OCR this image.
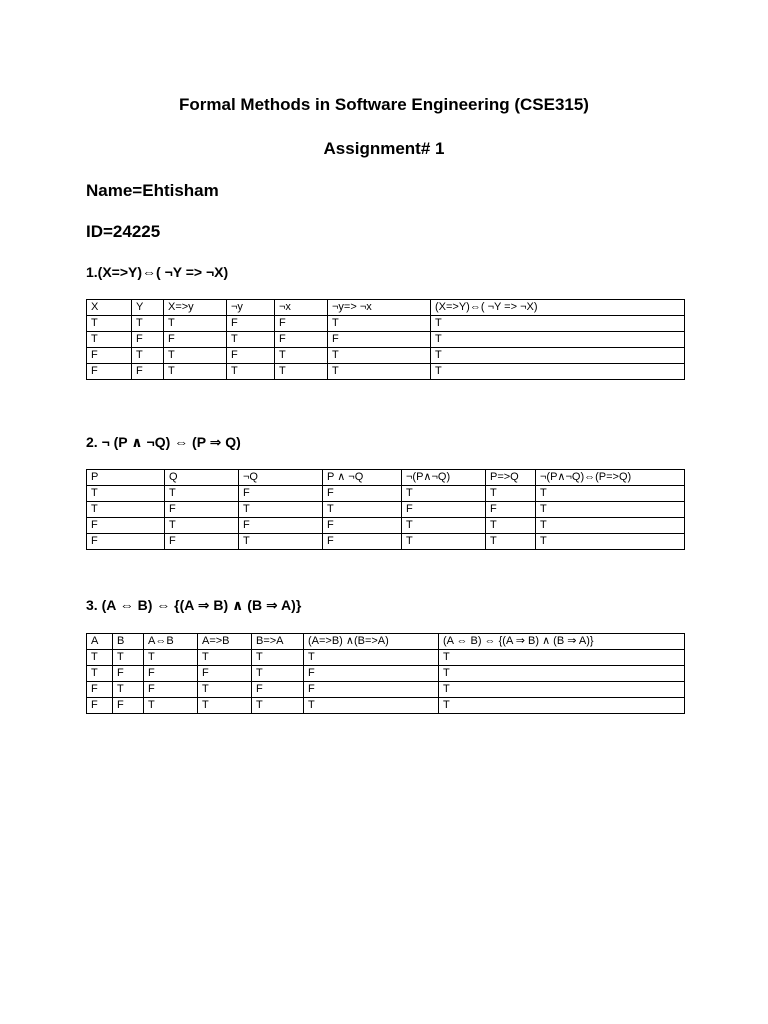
Formal Methods in Software Engineering (CSE315)
Assignment# 1
Name=Ehtisham
ID=24225
1.(X=>Y)⇔( ¬Y => ¬X)
X	Y	X=>y	¬y	¬x	¬y=> ¬x	(X=>Y)⇔( ¬Y => ¬X)
T	T	T	F	F	T	T
T	F	F	T	F	F	T
F	T	T	F	T	T	T
F	F	T	T	T	T	T
2. ¬ (P ∧ ¬Q) ⇔ (P ⇒ Q)
P	Q	¬Q	P ∧ ¬Q	¬(P∧¬Q)	P=>Q	¬(P∧¬Q)⇔(P=>Q)
T	T	F	F	T	T	T
T	F	T	T	F	F	T
F	T	F	F	T	T	T
F	F	T	F	T	T	T
3. (A ⇔ B) ⇔ {(A ⇒ B) ∧ (B ⇒ A)}
A	B	A⇔B	A=>B	B=>A	(A=>B) ∧(B=>A)	(A ⇔ B) ⇔ {(A ⇒ B) ∧ (B ⇒ A)}
T	T	T	T	T	T	T
T	F	F	F	T	F	T
F	T	F	T	F	F	T
F	F	T	T	T	T	T
